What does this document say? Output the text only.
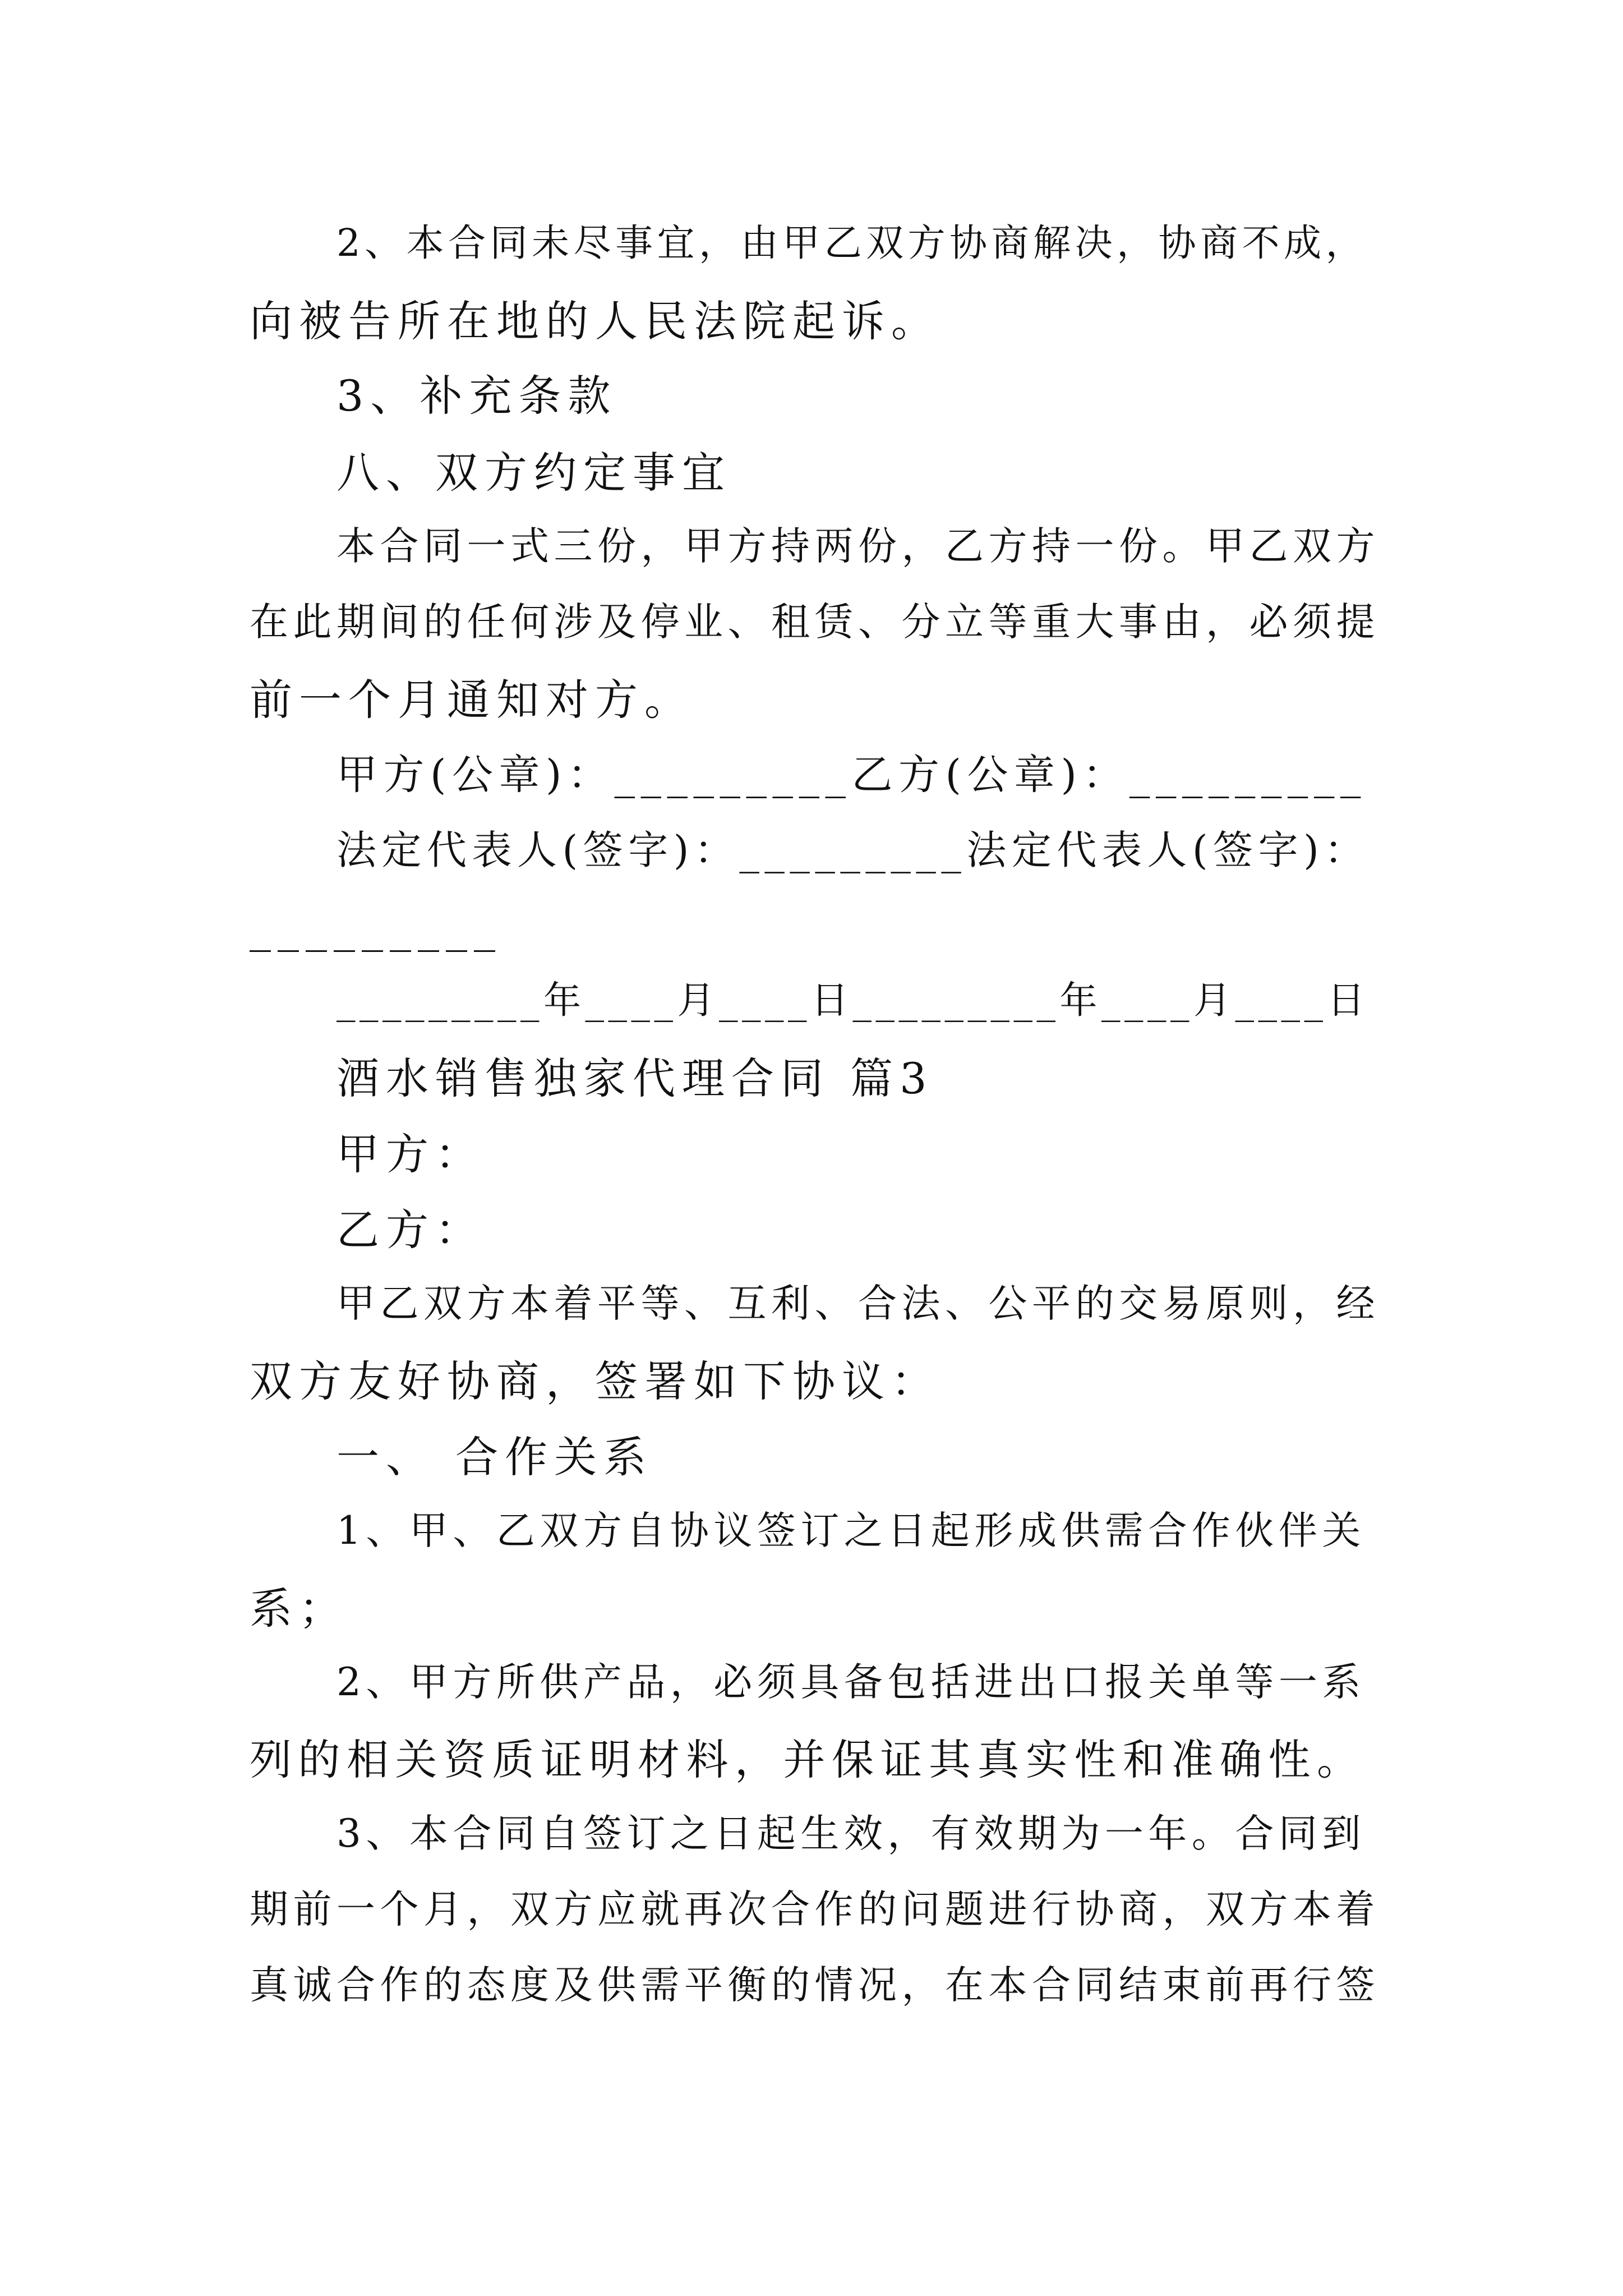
2、本合同未尽事宜，由甲乙双方协商解决，协商不成，
向被告所在地的人民法院起诉。
3、补充条款
八、双方约定事宜
本合同一式三份，甲方持两份，乙方持一份。甲乙双方
在此期间的任何涉及停业、租赁、分立等重大事由，必须提
前一个月通知对方。
甲方(公章)：_________乙方(公章)：_________
法定代表人(签字)：_________法定代表人(签字)：
_________
_________年____月____日_________年____月____日
酒水销售独家代理合同 篇3
甲方：
乙方：
甲乙双方本着平等、互利、合法、公平的交易原则，经
双方友好协商，签署如下协议：
一、 合作关系
1、甲、乙双方自协议签订之日起形成供需合作伙伴关
系；
2、甲方所供产品，必须具备包括进出口报关单等一系
列的相关资质证明材料，并保证其真实性和准确性。
3、本合同自签订之日起生效，有效期为一年。合同到
期前一个月，双方应就再次合作的问题进行协商，双方本着
真诚合作的态度及供需平衡的情况，在本合同结束前再行签
